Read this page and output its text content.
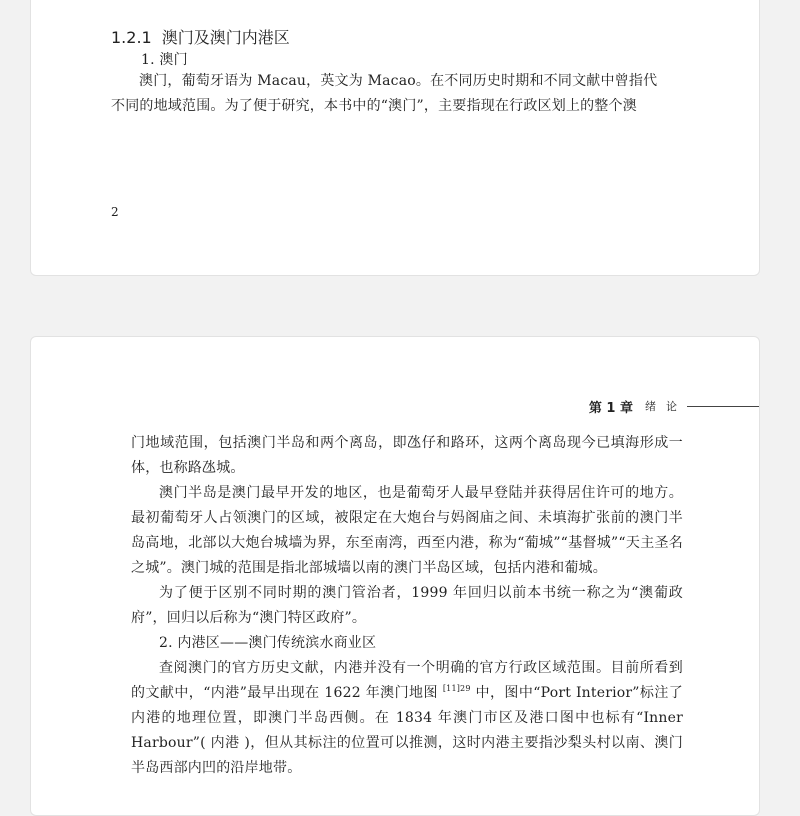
1.2.1 澳门及澳门内港区
1. 澳门

澳门，葡萄牙语为 Macau，英文为 Macao。在不同历史时期和不同文献中曾指代

不同的地域范围。为了便于研究，本书中的“澳门”，主要指现在行政区划上的整个澳

2
第 1 章 绪论

门地域范围，包括澳门半岛和两个离岛，即氹仔和路环，这两个离岛现今已填海形成一体，也称路氹城。

澳门半岛是澳门最早开发的地区，也是葡萄牙人最早登陆并获得居住许可的地方。最初葡萄牙人占领澳门的区域，被限定在大炮台与妈阁庙之间、未填海扩张前的澳门半岛高地，北部以大炮台城墙为界，东至南湾，西至内港，称为“葡城”“基督城”“天主圣名之城”。澳门城的范围是指北部城墙以南的澳门半岛区域，包括内港和葡城。

为了便于区别不同时期的澳门管治者，1999 年回归以前本书统一称之为“澳葡政府”，回归以后称为“澳门特区政府”。

2. 内港区——澳门传统滨水商业区

查阅澳门的官方历史文献，内港并没有一个明确的官方行政区域范围。目前所看到的文献中，“内港”最早出现在 1622 年澳门地图 $^{[11]29}$ 中，图中“Port Interior”标注了内港的地理位置，即澳门半岛西侧。在 1834 年澳门市区及港口图中也标有“Inner Harbour”( 内港 )，但从其标注的位置可以推测，这时内港主要指沙梨头村以南、澳门半岛西部内凹的沿岸地带。
